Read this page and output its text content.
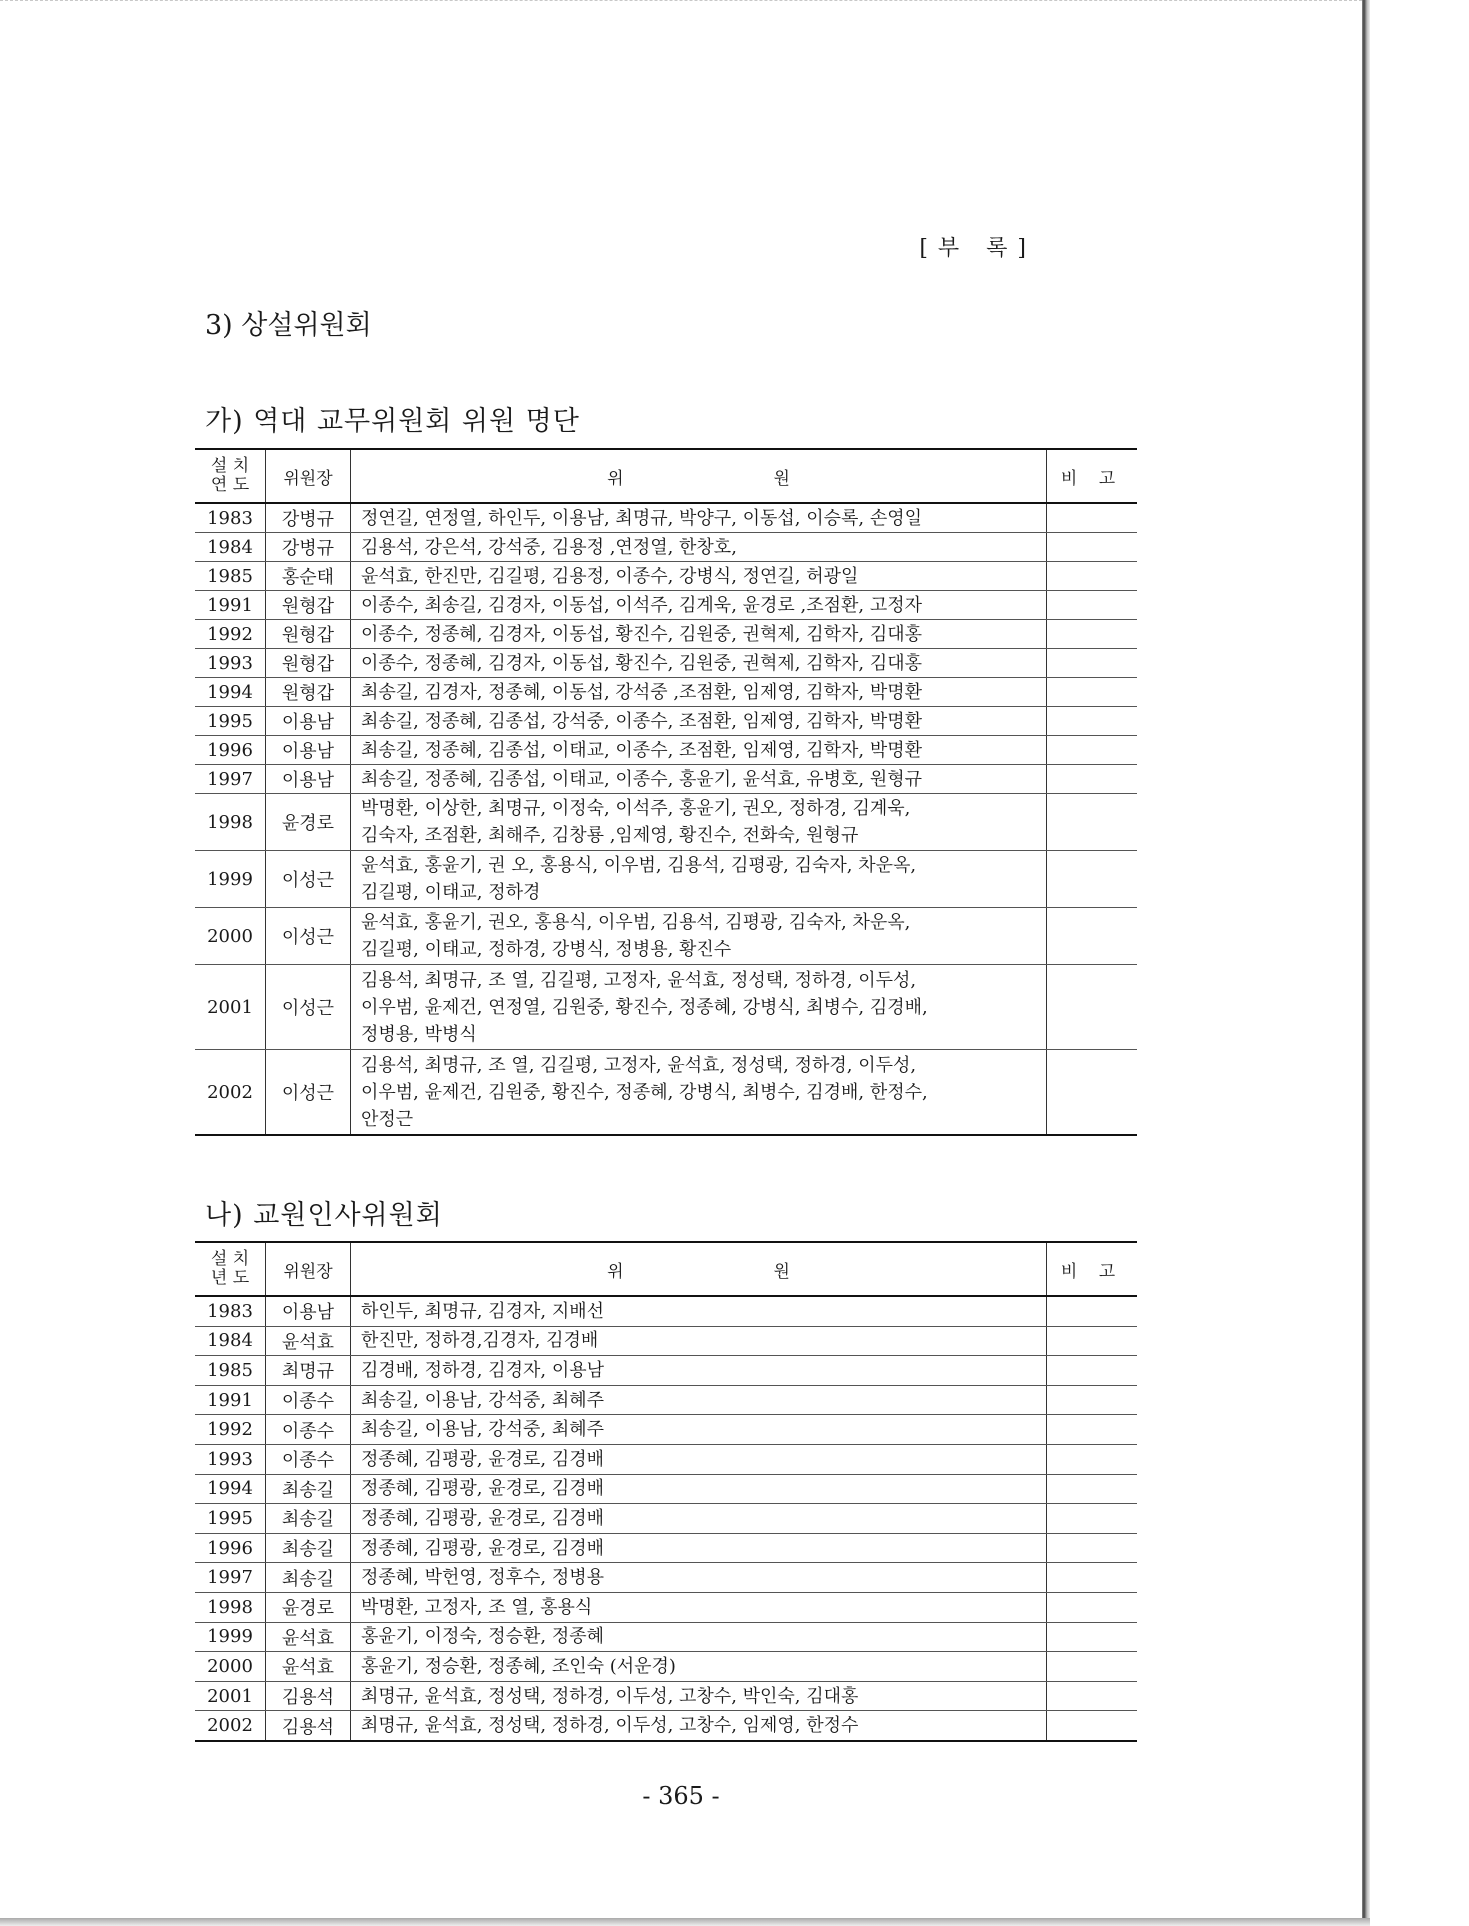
[부 록]
3) 상설위원회
가) 역대 교무위원회 위원 명단
설 치
연 도	위원장	위원	비 고
1983	강병규	정연길, 연정열, 하인두, 이용남, 최명규, 박양구, 이동섭, 이승록, 손영일	
1984	강병규	김용석, 강은석, 강석중, 김용정 ,연정열, 한창호,	
1985	홍순태	윤석효, 한진만, 김길평, 김용정, 이종수, 강병식, 정연길, 허광일	
1991	원형갑	이종수, 최송길, 김경자, 이동섭, 이석주, 김계욱, 윤경로 ,조점환, 고정자	
1992	원형갑	이종수, 정종혜, 김경자, 이동섭, 황진수, 김원중, 권혁제, 김학자, 김대홍	
1993	원형갑	이종수, 정종혜, 김경자, 이동섭, 황진수, 김원중, 권혁제, 김학자, 김대홍	
1994	원형갑	최송길, 김경자, 정종혜, 이동섭, 강석중 ,조점환, 임제영, 김학자, 박명환	
1995	이용남	최송길, 정종혜, 김종섭, 강석중, 이종수, 조점환, 임제영, 김학자, 박명환	
1996	이용남	최송길, 정종혜, 김종섭, 이태교, 이종수, 조점환, 임제영, 김학자, 박명환	
1997	이용남	최송길, 정종혜, 김종섭, 이태교, 이종수, 홍윤기, 윤석효, 유병호, 원형규	
1998	윤경로	박명환, 이상한, 최명규, 이정숙, 이석주, 홍윤기, 권오, 정하경, 김계욱,
김숙자, 조점환, 최해주, 김창룡 ,임제영, 황진수, 전화숙, 원형규	
1999	이성근	윤석효, 홍윤기, 권 오, 홍용식, 이우범, 김용석, 김평광, 김숙자, 차운옥,
김길평, 이태교, 정하경	
2000	이성근	윤석효, 홍윤기, 권오, 홍용식, 이우범, 김용석, 김평광, 김숙자, 차운옥,
김길평, 이태교, 정하경, 강병식, 정병용, 황진수	
2001	이성근	김용석, 최명규, 조 열, 김길평, 고정자, 윤석효, 정성택, 정하경, 이두성,
이우범, 윤제건, 연정열, 김원중, 황진수, 정종혜, 강병식, 최병수, 김경배,
정병용, 박병식	
2002	이성근	김용석, 최명규, 조 열, 김길평, 고정자, 윤석효, 정성택, 정하경, 이두성,
이우범, 윤제건, 김원중, 황진수, 정종혜, 강병식, 최병수, 김경배, 한정수,
안정근	
나) 교원인사위원회
설 치
년 도	위원장	위원	비 고
1983	이용남	하인두, 최명규, 김경자, 지배선	
1984	윤석효	한진만, 정하경,김경자, 김경배	
1985	최명규	김경배, 정하경, 김경자, 이용남	
1991	이종수	최송길, 이용남, 강석중, 최혜주	
1992	이종수	최송길, 이용남, 강석중, 최혜주	
1993	이종수	정종혜, 김평광, 윤경로, 김경배	
1994	최송길	정종혜, 김평광, 윤경로, 김경배	
1995	최송길	정종혜, 김평광, 윤경로, 김경배	
1996	최송길	정종혜, 김평광, 윤경로, 김경배	
1997	최송길	정종혜, 박헌영, 정후수, 정병용	
1998	윤경로	박명환, 고정자, 조 열, 홍용식	
1999	윤석효	홍윤기, 이정숙, 정승환, 정종혜	
2000	윤석효	홍윤기, 정승환, 정종혜, 조인숙 (서운경)	
2001	김용석	최명규, 윤석효, 정성택, 정하경, 이두성, 고창수, 박인숙, 김대홍	
2002	김용석	최명규, 윤석효, 정성택, 정하경, 이두성, 고창수, 임제영, 한정수	
- 365 -
